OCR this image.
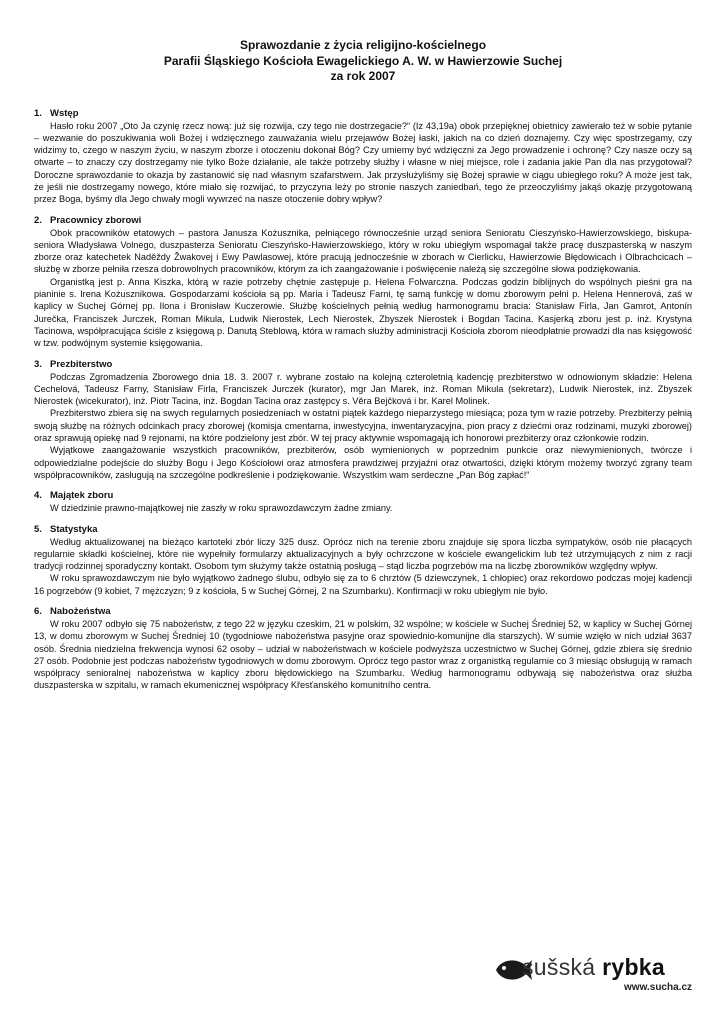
Sprawozdanie z życia religijno-kościelnego
Parafii Śląskiego Kościoła Ewagelickiego A. W. w Hawierzowie Suchej
za rok 2007
1. Wstęp

Hasło roku 2007 „Oto Ja czynię rzecz nową: już się rozwija, czy tego nie dostrzegacie?“ (Iz 43,19a) obok przepięknej obietnicy zawierało też w sobie pytanie – wezwanie do poszukiwania woli Bożej i wdzięcznego zauważania wielu przejawów Bożej łaski, jakich na co dzień doznajemy. Czy więc spostrzegamy, czy widzimy to, czego w naszym życiu, w naszym zborze i otoczeniu dokonał Bóg? Czy umiemy być wdzięczni za Jego prowadzenie i ochronę? Czy nasze oczy są otwarte – to znaczy czy dostrzegamy nie tylko Boże działanie, ale także potrzeby służby i własne w niej miejsce, role i zadania jakie Pan dla nas przygotował? Doroczne sprawozdanie to okazja by zastanowić się nad własnym szafarstwem. Jak przysłużyliśmy się Bożej sprawie w ciągu ubiegłego roku? A może jest tak, że jeśli nie dostrzegamy nowego, które miało się rozwijać, to przyczyna leży po stronie naszych zaniedbań, tego że przeoczyliśmy jakąś okazję przygotowaną przez Boga, byśmy dla Jego chwały mogli wywrzeć na nasze otoczenie dobry wpływ?

2. Pracownicy zborowi

Obok pracowników etatowych – pastora Janusza Kożusznika, pełniącego równocześnie urząd seniora Senioratu Cieszyńsko-Hawierzowskiego, biskupa-seniora Władysława Volnego, duszpasterza Senioratu Cieszyńsko-Hawierzowskiego, który w roku ubiegłym wspomagał także pracę duszpasterską w naszym zborze oraz katechetek Naděždy Žwakovej i Ewy Pawlasowej, które pracują jednocześnie w zborach w Cierlicku, Hawierzowie Błędowicach i Olbrachcicach – służbę w zborze pełniła rzesza dobrowolnych pracowników, którym za ich zaangażowanie i poświęcenie należą się szczególne słowa podziękowania.

Organistką jest p. Anna Kiszka, którą w razie potrzeby chętnie zastępuje p. Helena Folwarczna. Podczas godzin biblijnych do wspólnych pieśni gra na pianinie s. Irena Kożusznikowa. Gospodarzami kościoła są pp. Maria i Tadeusz Farni, tę samą funkcję w domu zborowym pełni p. Helena Hennerová, zaś w kaplicy w Suchej Górnej pp. Ilona i Bronisław Kuczerowie. Służbę kościelnych pełnią według harmonogramu bracia: Stanisław Firla, Jan Gamrot, Antonín Jurečka, Franciszek Jurczek, Roman Mikula, Ludwik Nierostek, Lech Nierostek, Zbyszek Nierostek i Bogdan Tacina. Kasjerką zboru jest p. inż. Krystyna Tacinowa, współpracująca ściśle z księgową p. Danutą Steblową, która w ramach służby administracji Kościoła zborom nieodpłatnie prowadzi dla nas księgowość w tzw. podwójnym systemie księgowania.

3. Prezbiterstwo

Podczas Zgromadzenia Zborowego dnia 18. 3. 2007 r. wybrane zostało na kolejną czteroletnią kadencję prezbiterstwo w odnowionym składzie: Helena Cechelová, Tadeusz Farny, Stanisław Firla, Franciszek Jurczek (kurator), mgr Jan Marek, inż. Roman Mikula (sekretarz), Ludwik Nierostek, inż. Zbyszek Nierostek (wicekurator), inż. Piotr Tacina, inż. Bogdan Tacina oraz zastępcy s. Věra Bejčková i br. Karel Molinek.

Prezbiterstwo zbiera się na swych regularnych posiedzeniach w ostatni piątek każdego nieparzystego miesiąca; poza tym w razie potrzeby. Prezbiterzy pełnią swoją służbę na różnych odcinkach pracy zborowej (komisja cmentarna, inwestycyjna, inwentaryzacyjna, pion pracy z dziećmi oraz rodzinami, muzyki zborowej) oraz sprawują opiekę nad 9 rejonami, na które podzielony jest zbór. W tej pracy aktywnie wspomagają ich honorowi prezbiterzy oraz członkowie rodzin.

Wyjątkowe zaangażowanie wszystkich pracowników, prezbiterów, osób wymienionych w poprzednim punkcie oraz niewymienionych, twórcze i odpowiedzialne podejście do służby Bogu i Jego Kościołowi oraz atmosfera prawdziwej przyjaźni oraz otwartości, dzięki którym możemy tworzyć zgrany team współpracowników, zasługują na szczególne podkreślenie i podziękowanie. Wszystkim wam serdeczne „Pan Bóg zapłać!“

4. Majątek zboru

W dziedzinie prawno-majątkowej nie zaszły w roku sprawozdawczym żadne zmiany.

5. Statystyka

Według aktualizowanej na bieżąco kartoteki zbór liczy 325 dusz. Oprócz nich na terenie zboru znajduje się spora liczba sympatyków, osób nie płacących regularnie składki kościelnej, które nie wypełniły formularzy aktualizacyjnych a były ochrzczone w kościele ewangelickim lub też utrzymujących z nim z racji tradycji rodzinnej sporadyczny kontakt. Osobom tym służymy także ostatnią posługą – stąd liczba pogrzebów ma na liczbę zborowników względny wpływ.

W roku sprawozdawczym nie było wyjątkowo żadnego ślubu, odbyło się za to 6 chrztów (5 dziewczynek, 1 chłopiec) oraz rekordowo podczas mojej kadencji 16 pogrzebów (9 kobiet, 7 mężczyzn; 9 z kościoła, 5 w Suchej Górnej, 2 na Szumbarku). Konfirmacji w roku ubiegłym nie było.

6. Nabożeństwa

W roku 2007 odbyło się 75 nabożeństw, z tego 22 w języku czeskim, 21 w polskim, 32 wspólne; w kościele w Suchej Średniej 52, w kaplicy w Suchej Górnej 13, w domu zborowym w Suchej Średniej 10 (tygodniowe nabożeństwa pasyjne oraz spowiednio-komunijne dla starszych). W sumie wzięło w nich udział 3637 osób. Średnia niedzielna frekwencja wynosi 62 osoby – udział w nabożeństwach w kościele podwyższa uczestnictwo w Suchej Górnej, gdzie zbiera się średnio 27 osób. Podobnie jest podczas nabożeństw tygodniowych w domu zborowym. Oprócz tego pastor wraz z organistką regularnie co 3 miesiąc obsługują w ramach współpracy senioralnej nabożeństwa w kaplicy zboru błędowickiego na Szumbarku. Według harmonogramu odbywają się nabożeństwa oraz służba duszpasterska w szpitalu, w ramach ekumenicznej współpracy Křesťanského komunitního centra.

sušská rybka
www.sucha.cz
